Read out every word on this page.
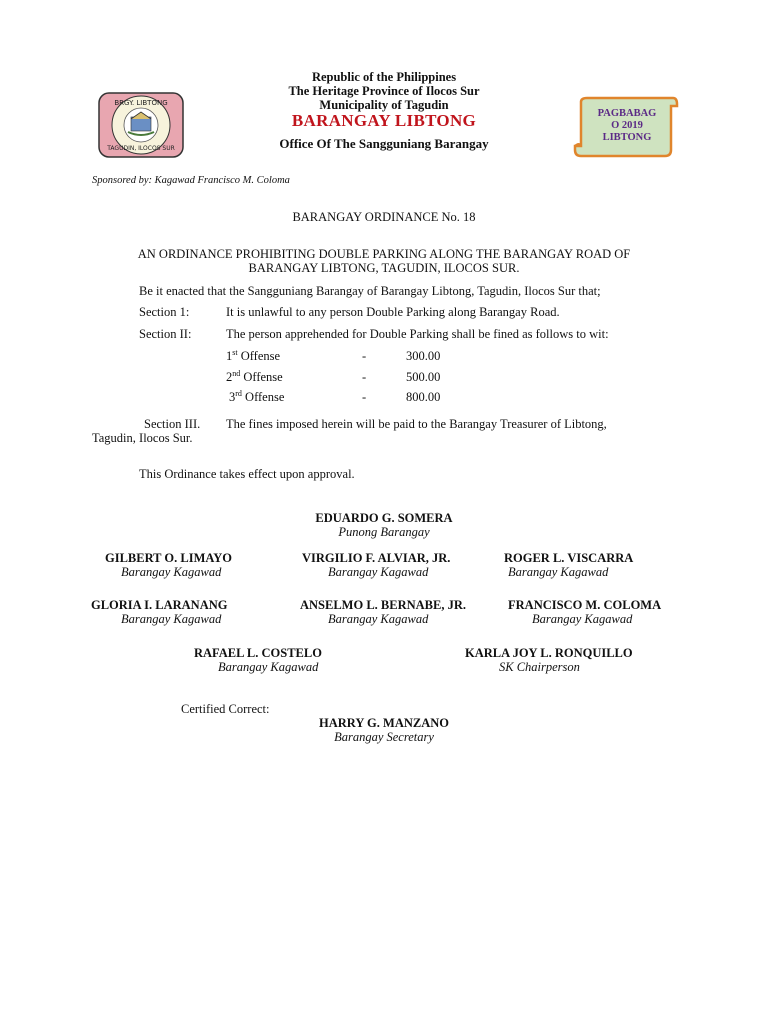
BRGY. LIBTONG
TAGUDIN, ILOCOS SUR
Republic of the Philippines
The Heritage Province of Ilocos Sur
Municipality of Tagudin
BARANGAY LIBTONG
Office Of The Sangguniang Barangay
PAGBABAG
O 2019
LIBTONG
Sponsored by: Kagawad Francisco M. Coloma
BARANGAY ORDINANCE No. 18
AN ORDINANCE PROHIBITING DOUBLE PARKING ALONG THE BARANGAY ROAD OF
BARANGAY LIBTONG, TAGUDIN, ILOCOS SUR.
Be it enacted that the Sangguniang Barangay of Barangay Libtong, Tagudin, Ilocos Sur that;
Section 1:	It is unlawful to any person Double Parking along Barangay Road.
Section II:	The person apprehended for Double Parking shall be fined as follows to wit:
1st Offense	-	300.00
2nd Offense	-	500.00
3rd Offense	-	800.00
Section III. The fines imposed herein will be paid to the Barangay Treasurer of Libtong,
Tagudin, Ilocos Sur.
This Ordinance takes effect upon approval.
EDUARDO G. SOMERA
Punong Barangay
GILBERT O. LIMAYO
Barangay Kagawad
VIRGILIO F. ALVIAR, JR.
Barangay Kagawad
ROGER L. VISCARRA
Barangay Kagawad
GLORIA I. LARANANG
Barangay Kagawad
ANSELMO L. BERNABE, JR.
Barangay Kagawad
FRANCISCO M. COLOMA
Barangay Kagawad
RAFAEL L. COSTELO
Barangay Kagawad
KARLA JOY L. RONQUILLO
SK Chairperson
Certified Correct:
HARRY G. MANZANO
Barangay Secretary
